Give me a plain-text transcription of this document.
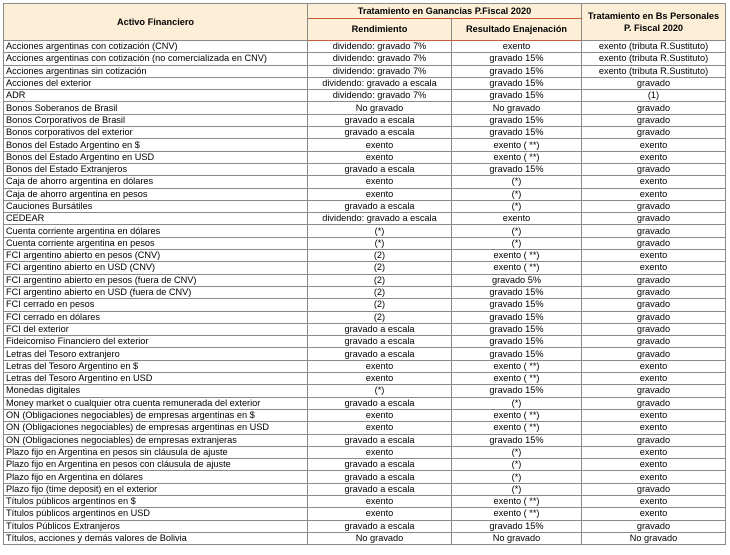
Activo Financiero	Tratamiento en Ganancias P.Fiscal 2020		Tratamiento en Bs Personales P. Fiscal 2020
	Rendimiento	Resultado Enajenación	
Acciones argentinas con cotización (CNV)	dividendo: gravado 7%	exento	exento (tributa R.Sustituto)
Acciones argentinas con cotización (no comercializada en CNV)	dividendo: gravado 7%	gravado 15%	exento (tributa R.Sustituto)
Acciones argentinas sin cotización	dividendo: gravado 7%	gravado 15%	exento (tributa R.Sustituto)
Acciones del exterior	dividendo: gravado a escala	gravado 15%	gravado
ADR	dividendo: gravado 7%	gravado 15%	(1)
Bonos Soberanos de Brasil	No gravado	No gravado	gravado
Bonos Corporativos de Brasil	gravado a escala	gravado 15%	gravado
Bonos corporativos del exterior	gravado a escala	gravado 15%	gravado
Bonos del Estado Argentino en $	exento	exento ( **)	exento
Bonos del Estado Argentino en USD	exento	exento ( **)	exento
Bonos del Estado Extranjeros	gravado a escala	gravado 15%	gravado
Caja de ahorro argentina en dólares	exento	(*)	exento
Caja de ahorro argentina en pesos	exento	(*)	exento
Cauciones Bursátiles	gravado a escala	(*)	gravado
CEDEAR	dividendo: gravado a escala	exento	gravado
Cuenta corriente argentina en dólares	(*)	(*)	gravado
Cuenta corriente argentina en pesos	(*)	(*)	gravado
FCI argentino abierto en pesos (CNV)	(2)	exento ( **)	exento
FCI argentino abierto en USD (CNV)	(2)	exento ( **)	exento
FCI argentino abierto en pesos (fuera de CNV)	(2)	gravado 5%	gravado
FCI argentino abierto en USD (fuera de CNV)	(2)	gravado 15%	gravado
FCI cerrado en pesos	(2)	gravado 15%	gravado
FCI cerrado en dólares	(2)	gravado 15%	gravado
FCI del exterior	gravado a escala	gravado 15%	gravado
Fideicomiso Financiero del exterior	gravado a escala	gravado 15%	gravado
Letras del Tesoro extranjero	gravado a escala	gravado 15%	gravado
Letras del Tesoro Argentino en $	exento	exento ( **)	exento
Letras del Tesoro Argentino en USD	exento	exento ( **)	exento
Monedas digitales	(*)	gravado 15%	gravado
Money market o cualquier otra cuenta remunerada del exterior	gravado a escala	(*)	gravado
ON (Obligaciones negociables) de empresas argentinas en $	exento	exento ( **)	exento
ON (Obligaciones negociables) de empresas argentinas en USD	exento	exento ( **)	exento
ON (Obligaciones negociables) de empresas extranjeras	gravado a escala	gravado 15%	gravado
Plazo fijo en Argentina en pesos sin cláusula de ajuste	exento	(*)	exento
Plazo fijo en Argentina en pesos con cláusula de ajuste	gravado a escala	(*)	exento
Plazo fijo en Argentina en dólares	gravado a escala	(*)	exento
Plazo fijo (time deposit) en el exterior	gravado a escala	(*)	gravado
Títulos públicos argentinos en $	exento	exento ( **)	exento
Títulos públicos argentinos en USD	exento	exento ( **)	exento
Títulos Públicos Extranjeros	gravado a escala	gravado 15%	gravado
Títulos, acciones y demás valores de Bolivia	No gravado	No gravado	No gravado
